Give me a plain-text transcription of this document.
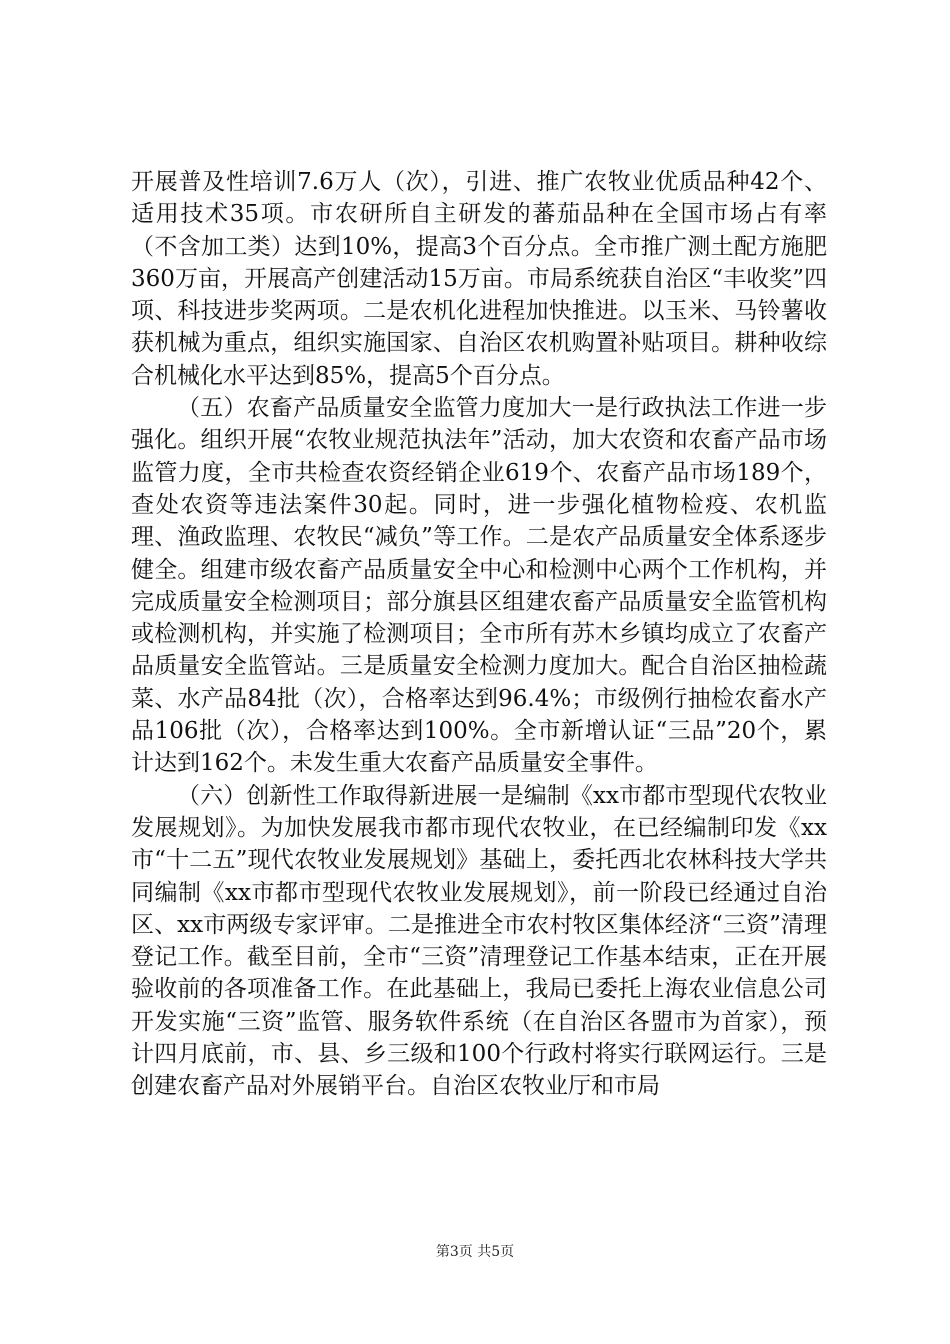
开展普及性培训7.6万人（次），引进、推广农牧业优质品种42个、适用技术35项。市农研所自主研发的蕃茄品种在全国市场占有率（不含加工类）达到10%，提高3个百分点。全市推广测土配方施肥360万亩，开展高产创建活动15万亩。市局系统获自治区“丰收奖”四项、科技进步奖两项。二是农机化进程加快推进。以玉米、马铃薯收获机械为重点，组织实施国家、自治区农机购置补贴项目。耕种收综合机械化水平达到85%，提高5个百分点。

（五）农畜产品质量安全监管力度加大一是行政执法工作进一步强化。组织开展“农牧业规范执法年”活动，加大农资和农畜产品市场监管力度，全市共检查农资经销企业619个、农畜产品市场189个，查处农资等违法案件30起。同时，进一步强化植物检疫、农机监理、渔政监理、农牧民“减负”等工作。二是农产品质量安全体系逐步健全。组建市级农畜产品质量安全中心和检测中心两个工作机构，并完成质量安全检测项目；部分旗县区组建农畜产品质量安全监管机构或检测机构，并实施了检测项目；全市所有苏木乡镇均成立了农畜产品质量安全监管站。三是质量安全检测力度加大。配合自治区抽检蔬菜、水产品84批（次），合格率达到96.4%；市级例行抽检农畜水产品106批（次），合格率达到100%。全市新增认证“三品”20个，累计达到162个。未发生重大农畜产品质量安全事件。

（六）创新性工作取得新进展一是编制《xx市都市型现代农牧业发展规划》。为加快发展我市都市现代农牧业，在已经编制印发《xx市“十二五”现代农牧业发展规划》基础上，委托西北农林科技大学共同编制《xx市都市型现代农牧业发展规划》，前一阶段已经通过自治区、xx市两级专家评审。二是推进全市农村牧区集体经济“三资”清理登记工作。截至目前，全市“三资”清理登记工作基本结束，正在开展验收前的各项准备工作。在此基础上，我局已委托上海农业信息公司开发实施“三资”监管、服务软件系统（在自治区各盟市为首家），预计四月底前，市、县、乡三级和100个行政村将实行联网运行。三是创建农畜产品对外展销平台。自治区农牧业厅和市局

第3页 共5页
